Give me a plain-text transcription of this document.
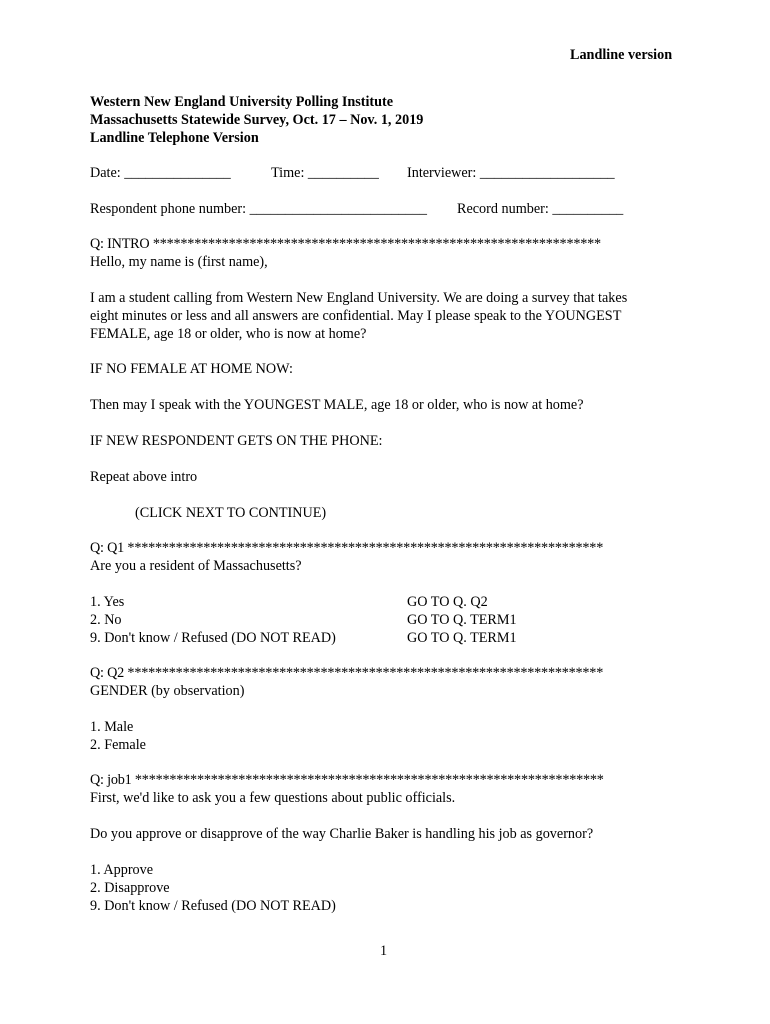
Landline version
Western New England University Polling Institute
Massachusetts Statewide Survey, Oct. 17 – Nov. 1, 2019
Landline Telephone Version
Date: _______________	Time: __________ Interviewer: ___________________
Respondent phone number: _________________________ Record number: __________
Q: INTRO *****************************************************************
Hello, my name is (first name),
I am a student calling from Western New England University. We are doing a survey that takes
eight minutes or less and all answers are confidential. May I please speak to the YOUNGEST
FEMALE, age 18 or older, who is now at home?
IF NO FEMALE AT HOME NOW:
Then may I speak with the YOUNGEST MALE, age 18 or older, who is now at home?
IF NEW RESPONDENT GETS ON THE PHONE:
Repeat above intro
(CLICK NEXT TO CONTINUE)
Q: Q1 *********************************************************************
Are you a resident of Massachusetts?
1. Yes	GO TO Q. Q2
2. No	GO TO Q. TERM1
9. Don't know / Refused (DO NOT READ)	GO TO Q. TERM1
Q: Q2 *********************************************************************
GENDER (by observation)
1. Male
2. Female
Q: job1 ********************************************************************
First, we'd like to ask you a few questions about public officials.
Do you approve or disapprove of the way Charlie Baker is handling his job as governor?
1. Approve
2. Disapprove
9. Don't know / Refused (DO NOT READ)
1
